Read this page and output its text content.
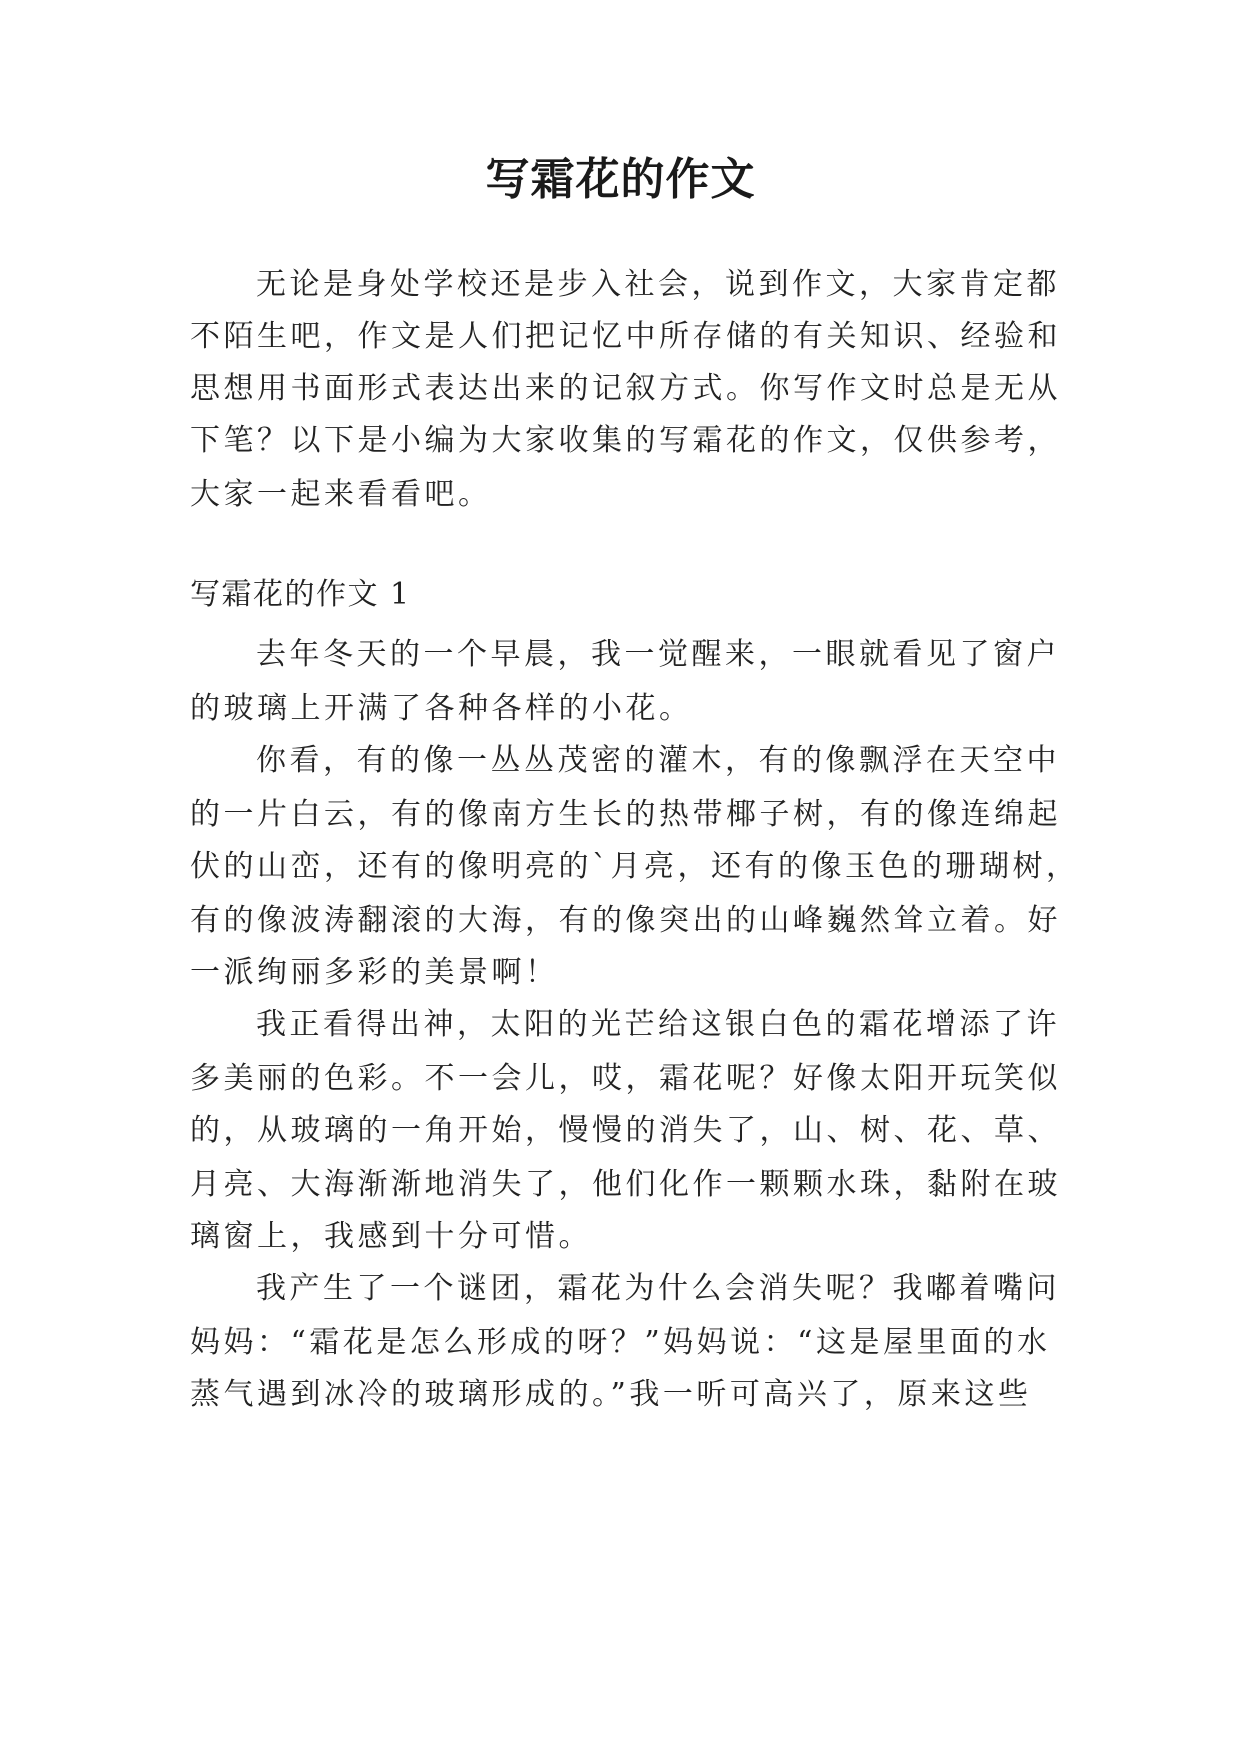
写霜花的作文

无论是身处学校还是步入社会，说到作文，大家肯定都

不陌生吧，作文是人们把记忆中所存储的有关知识、经验和

思想用书面形式表达出来的记叙方式。你写作文时总是无从

下笔？以下是小编为大家收集的写霜花的作文，仅供参考，

大家一起来看看吧。

写霜花的作文 1

去年冬天的一个早晨，我一觉醒来，一眼就看见了窗户

的玻璃上开满了各种各样的小花。

你看，有的像一丛丛茂密的灌木，有的像飘浮在天空中

的一片白云，有的像南方生长的热带椰子树，有的像连绵起

伏的山峦，还有的像明亮的`月亮，还有的像玉色的珊瑚树，

有的像波涛翻滚的大海，有的像突出的山峰巍然耸立着。好

一派绚丽多彩的美景啊！

我正看得出神，太阳的光芒给这银白色的霜花增添了许

多美丽的色彩。不一会儿，哎，霜花呢？好像太阳开玩笑似

的，从玻璃的一角开始，慢慢的消失了，山、树、花、草、

月亮、大海渐渐地消失了，他们化作一颗颗水珠，黏附在玻

璃窗上，我感到十分可惜。

我产生了一个谜团，霜花为什么会消失呢？我嘟着嘴问

妈妈：“霜花是怎么形成的呀？”妈妈说：“这是屋里面的水

蒸气遇到冰冷的玻璃形成的。”我一听可高兴了，原来这些
